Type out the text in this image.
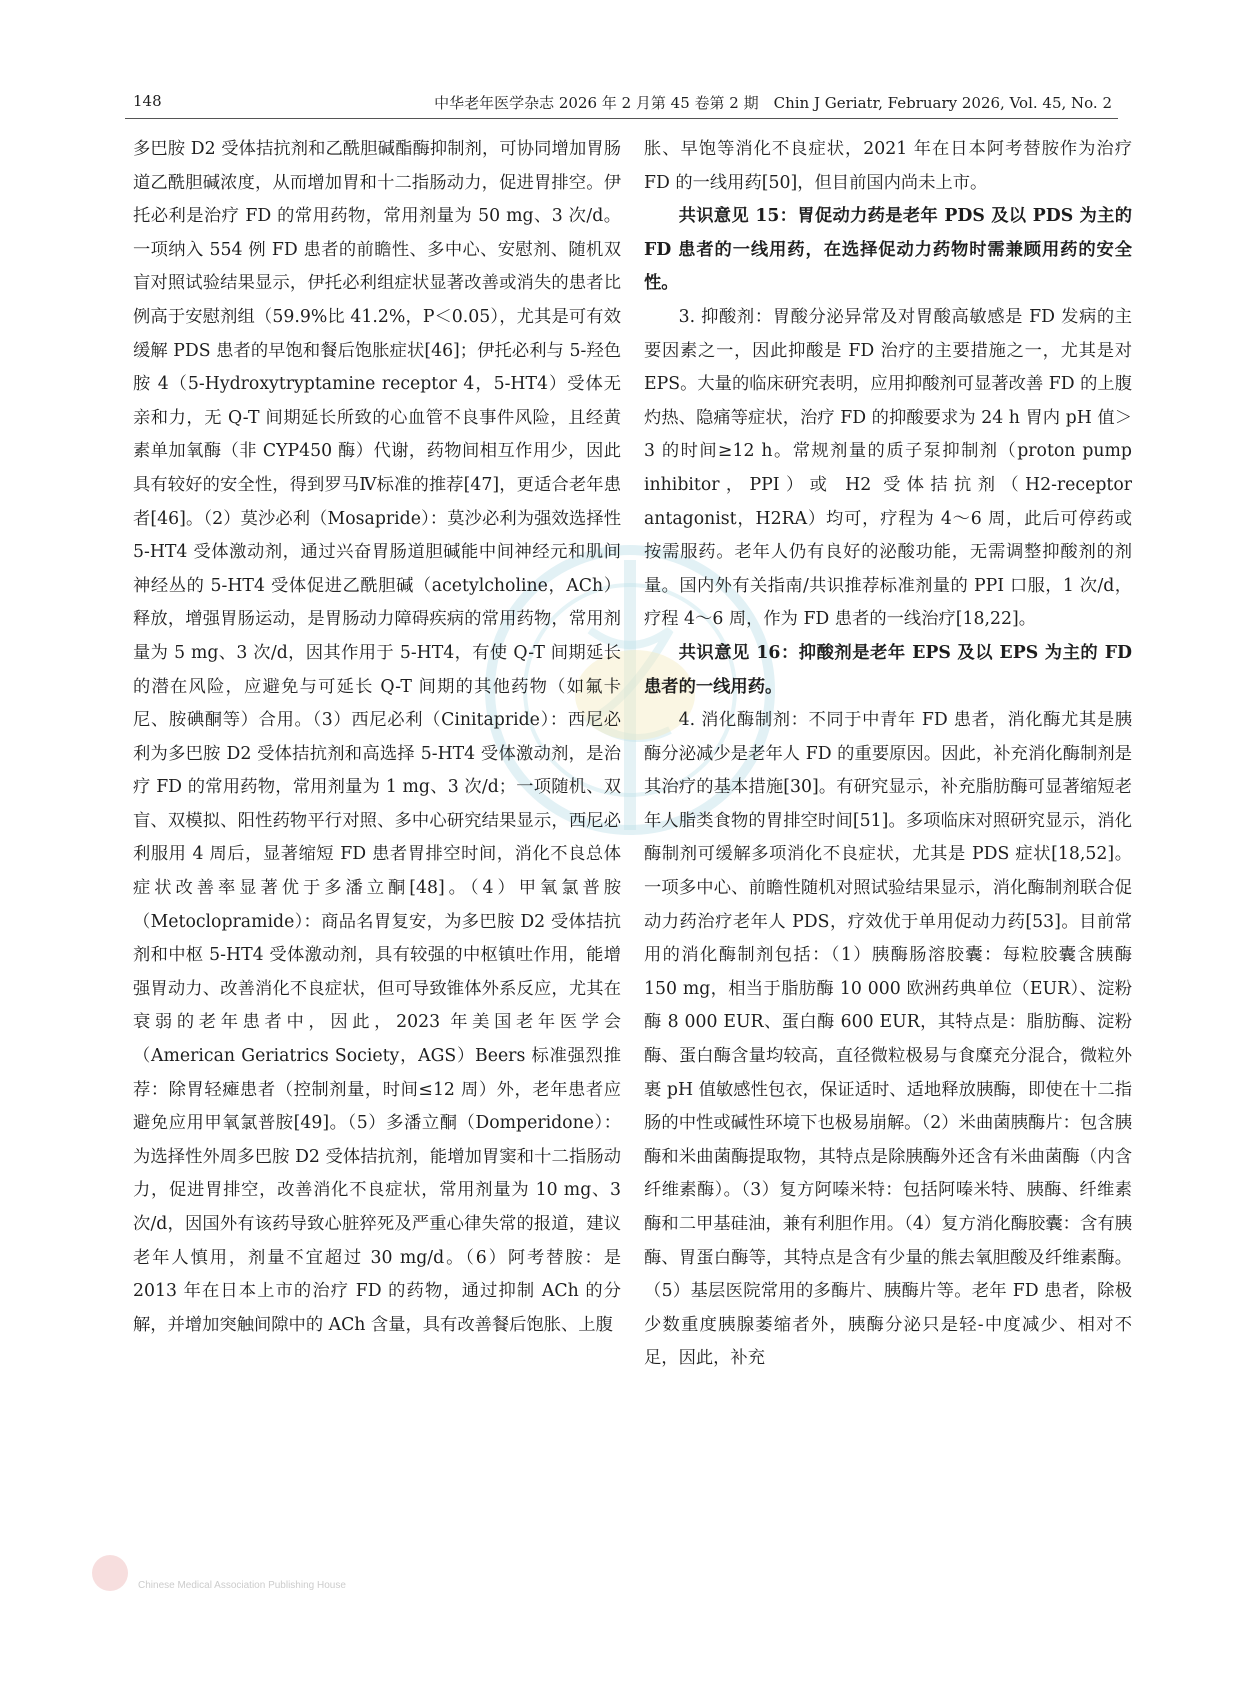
148	中华老年医学杂志 2026 年 2 月第 45 卷第 2 期　Chin J Geriatr, February 2026, Vol. 45, No. 2

多巴胺 D2 受体拮抗剂和乙酰胆碱酯酶抑制剂，可协同增加胃肠道乙酰胆碱浓度，从而增加胃和十二指肠动力，促进胃排空。伊托必利是治疗 FD 的常用药物，常用剂量为 50 mg、3 次/d。一项纳入 554 例 FD 患者的前瞻性、多中心、安慰剂、随机双盲对照试验结果显示，伊托必利组症状显著改善或消失的患者比例高于安慰剂组（59.9%比 41.2%，P＜0.05），尤其是可有效缓解 PDS 患者的早饱和餐后饱胀症状[46]；伊托必利与 5-羟色胺 4（5-Hydroxytryptamine receptor 4，5-HT4）受体无亲和力，无 Q-T 间期延长所致的心血管不良事件风险，且经黄素单加氧酶（非 CYP450 酶）代谢，药物间相互作用少，因此具有较好的安全性，得到罗马Ⅳ标准的推荐[47]，更适合老年患者[46]。（2）莫沙必利（Mosapride）：莫沙必利为强效选择性 5-HT4 受体激动剂，通过兴奋胃肠道胆碱能中间神经元和肌间神经丛的 5-HT4 受体促进乙酰胆碱（acetylcholine，ACh）释放，增强胃肠运动，是胃肠动力障碍疾病的常用药物，常用剂量为 5 mg、3 次/d，因其作用于 5-HT4，有使 Q-T 间期延长的潜在风险，应避免与可延长 Q-T 间期的其他药物（如氟卡尼、胺碘酮等）合用。（3）西尼必利（Cinitapride）：西尼必利为多巴胺 D2 受体拮抗剂和高选择 5-HT4 受体激动剂，是治疗 FD 的常用药物，常用剂量为 1 mg、3 次/d；一项随机、双盲、双模拟、阳性药物平行对照、多中心研究结果显示，西尼必利服用 4 周后，显著缩短 FD 患者胃排空时间，消化不良总体症状改善率显著优于多潘立酮[48]。（4）甲氧氯普胺（Metoclopramide）：商品名胃复安，为多巴胺 D2 受体拮抗剂和中枢 5-HT4 受体激动剂，具有较强的中枢镇吐作用，能增强胃动力、改善消化不良症状，但可导致锥体外系反应，尤其在衰弱的老年患者中，因此，2023 年美国老年医学会（American Geriatrics Society，AGS）Beers 标准强烈推荐：除胃轻瘫患者（控制剂量，时间≤12 周）外，老年患者应避免应用甲氧氯普胺[49]。（5）多潘立酮（Domperidone）：为选择性外周多巴胺 D2 受体拮抗剂，能增加胃窦和十二指肠动力，促进胃排空，改善消化不良症状，常用剂量为 10 mg、3 次/d，因国外有该药导致心脏猝死及严重心律失常的报道，建议老年人慎用，剂量不宜超过 30 mg/d。（6）阿考替胺：是 2013 年在日本上市的治疗 FD 的药物，通过抑制 ACh 的分解，并增加突触间隙中的 ACh 含量，具有改善餐后饱胀、上腹

胀、早饱等消化不良症状，2021 年在日本阿考替胺作为治疗 FD 的一线用药[50]，但目前国内尚未上市。

共识意见 15：胃促动力药是老年 PDS 及以 PDS 为主的 FD 患者的一线用药，在选择促动力药物时需兼顾用药的安全性。

3. 抑酸剂：胃酸分泌异常及对胃酸高敏感是 FD 发病的主要因素之一，因此抑酸是 FD 治疗的主要措施之一，尤其是对 EPS。大量的临床研究表明，应用抑酸剂可显著改善 FD 的上腹灼热、隐痛等症状，治疗 FD 的抑酸要求为 24 h 胃内 pH 值＞3 的时间≥12 h。常规剂量的质子泵抑制剂（proton pump inhibitor，PPI）或 H2 受体拮抗剂（H2-receptor antagonist，H2RA）均可，疗程为 4～6 周，此后可停药或按需服药。老年人仍有良好的泌酸功能，无需调整抑酸剂的剂量。国内外有关指南/共识推荐标准剂量的 PPI 口服，1 次/d，疗程 4～6 周，作为 FD 患者的一线治疗[18,22]。

共识意见 16：抑酸剂是老年 EPS 及以 EPS 为主的 FD 患者的一线用药。

4. 消化酶制剂：不同于中青年 FD 患者，消化酶尤其是胰酶分泌减少是老年人 FD 的重要原因。因此，补充消化酶制剂是其治疗的基本措施[30]。有研究显示，补充脂肪酶可显著缩短老年人脂类食物的胃排空时间[51]。多项临床对照研究显示，消化酶制剂可缓解多项消化不良症状，尤其是 PDS 症状[18,52]。一项多中心、前瞻性随机对照试验结果显示，消化酶制剂联合促动力药治疗老年人 PDS，疗效优于单用促动力药[53]。目前常用的消化酶制剂包括：（1）胰酶肠溶胶囊：每粒胶囊含胰酶 150 mg，相当于脂肪酶 10 000 欧洲药典单位（EUR）、淀粉酶 8 000 EUR、蛋白酶 600 EUR，其特点是：脂肪酶、淀粉酶、蛋白酶含量均较高，直径微粒极易与食糜充分混合，微粒外裹 pH 值敏感性包衣，保证适时、适地释放胰酶，即使在十二指肠的中性或碱性环境下也极易崩解。（2）米曲菌胰酶片：包含胰酶和米曲菌酶提取物，其特点是除胰酶外还含有米曲菌酶（内含纤维素酶）。（3）复方阿嗪米特：包括阿嗪米特、胰酶、纤维素酶和二甲基硅油，兼有利胆作用。（4）复方消化酶胶囊：含有胰酶、胃蛋白酶等，其特点是含有少量的熊去氧胆酸及纤维素酶。（5）基层医院常用的多酶片、胰酶片等。老年 FD 患者，除极少数重度胰腺萎缩者外，胰酶分泌只是轻-中度减少、相对不足，因此，补充

Chinese Medical Association Publishing House
